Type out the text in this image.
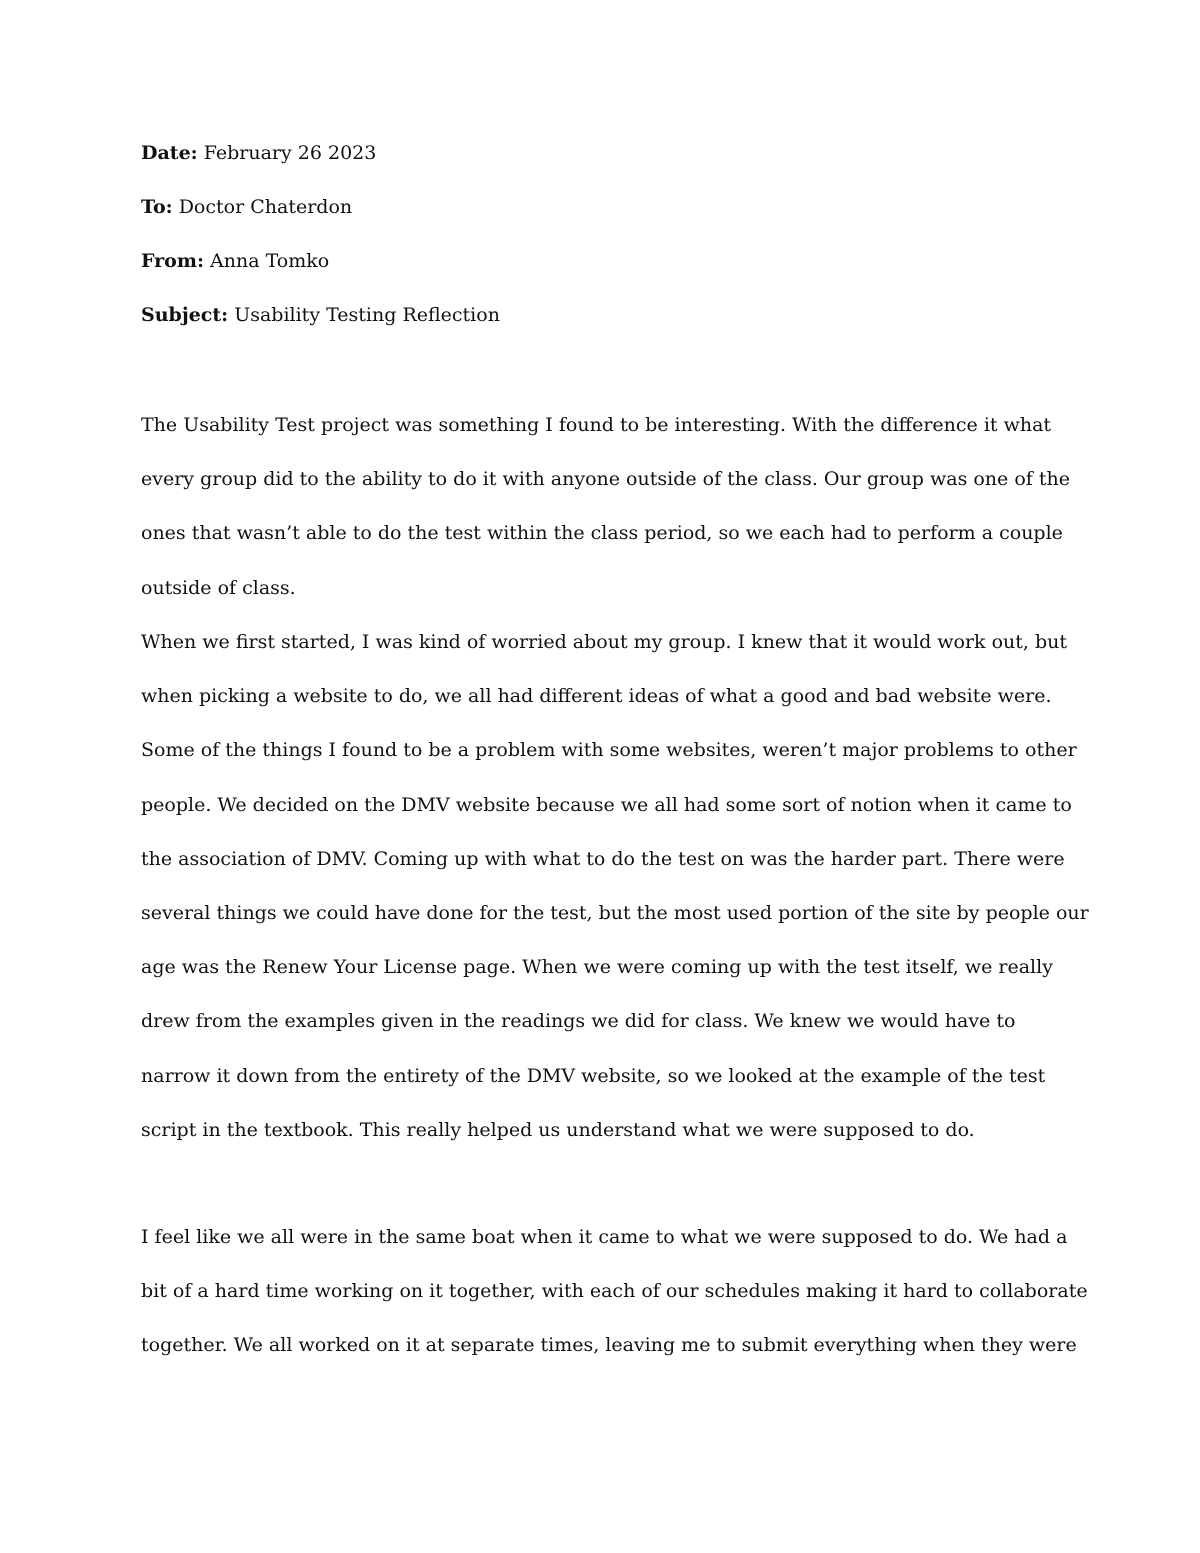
Date: February 26 2023
To: Doctor Chaterdon
From: Anna Tomko
Subject: Usability Testing Reflection

The Usability Test project was something I found to be interesting. With the difference it what
every group did to the ability to do it with anyone outside of the class. Our group was one of the
ones that wasn’t able to do the test within the class period, so we each had to perform a couple
outside of class.

When we first started, I was kind of worried about my group. I knew that it would work out, but
when picking a website to do, we all had different ideas of what a good and bad website were.
Some of the things I found to be a problem with some websites, weren’t major problems to other
people. We decided on the DMV website because we all had some sort of notion when it came to
the association of DMV. Coming up with what to do the test on was the harder part. There were
several things we could have done for the test, but the most used portion of the site by people our
age was the Renew Your License page. When we were coming up with the test itself, we really
drew from the examples given in the readings we did for class. We knew we would have to
narrow it down from the entirety of the DMV website, so we looked at the example of the test
script in the textbook. This really helped us understand what we were supposed to do.

I feel like we all were in the same boat when it came to what we were supposed to do. We had a
bit of a hard time working on it together, with each of our schedules making it hard to collaborate
together. We all worked on it at separate times, leaving me to submit everything when they were
